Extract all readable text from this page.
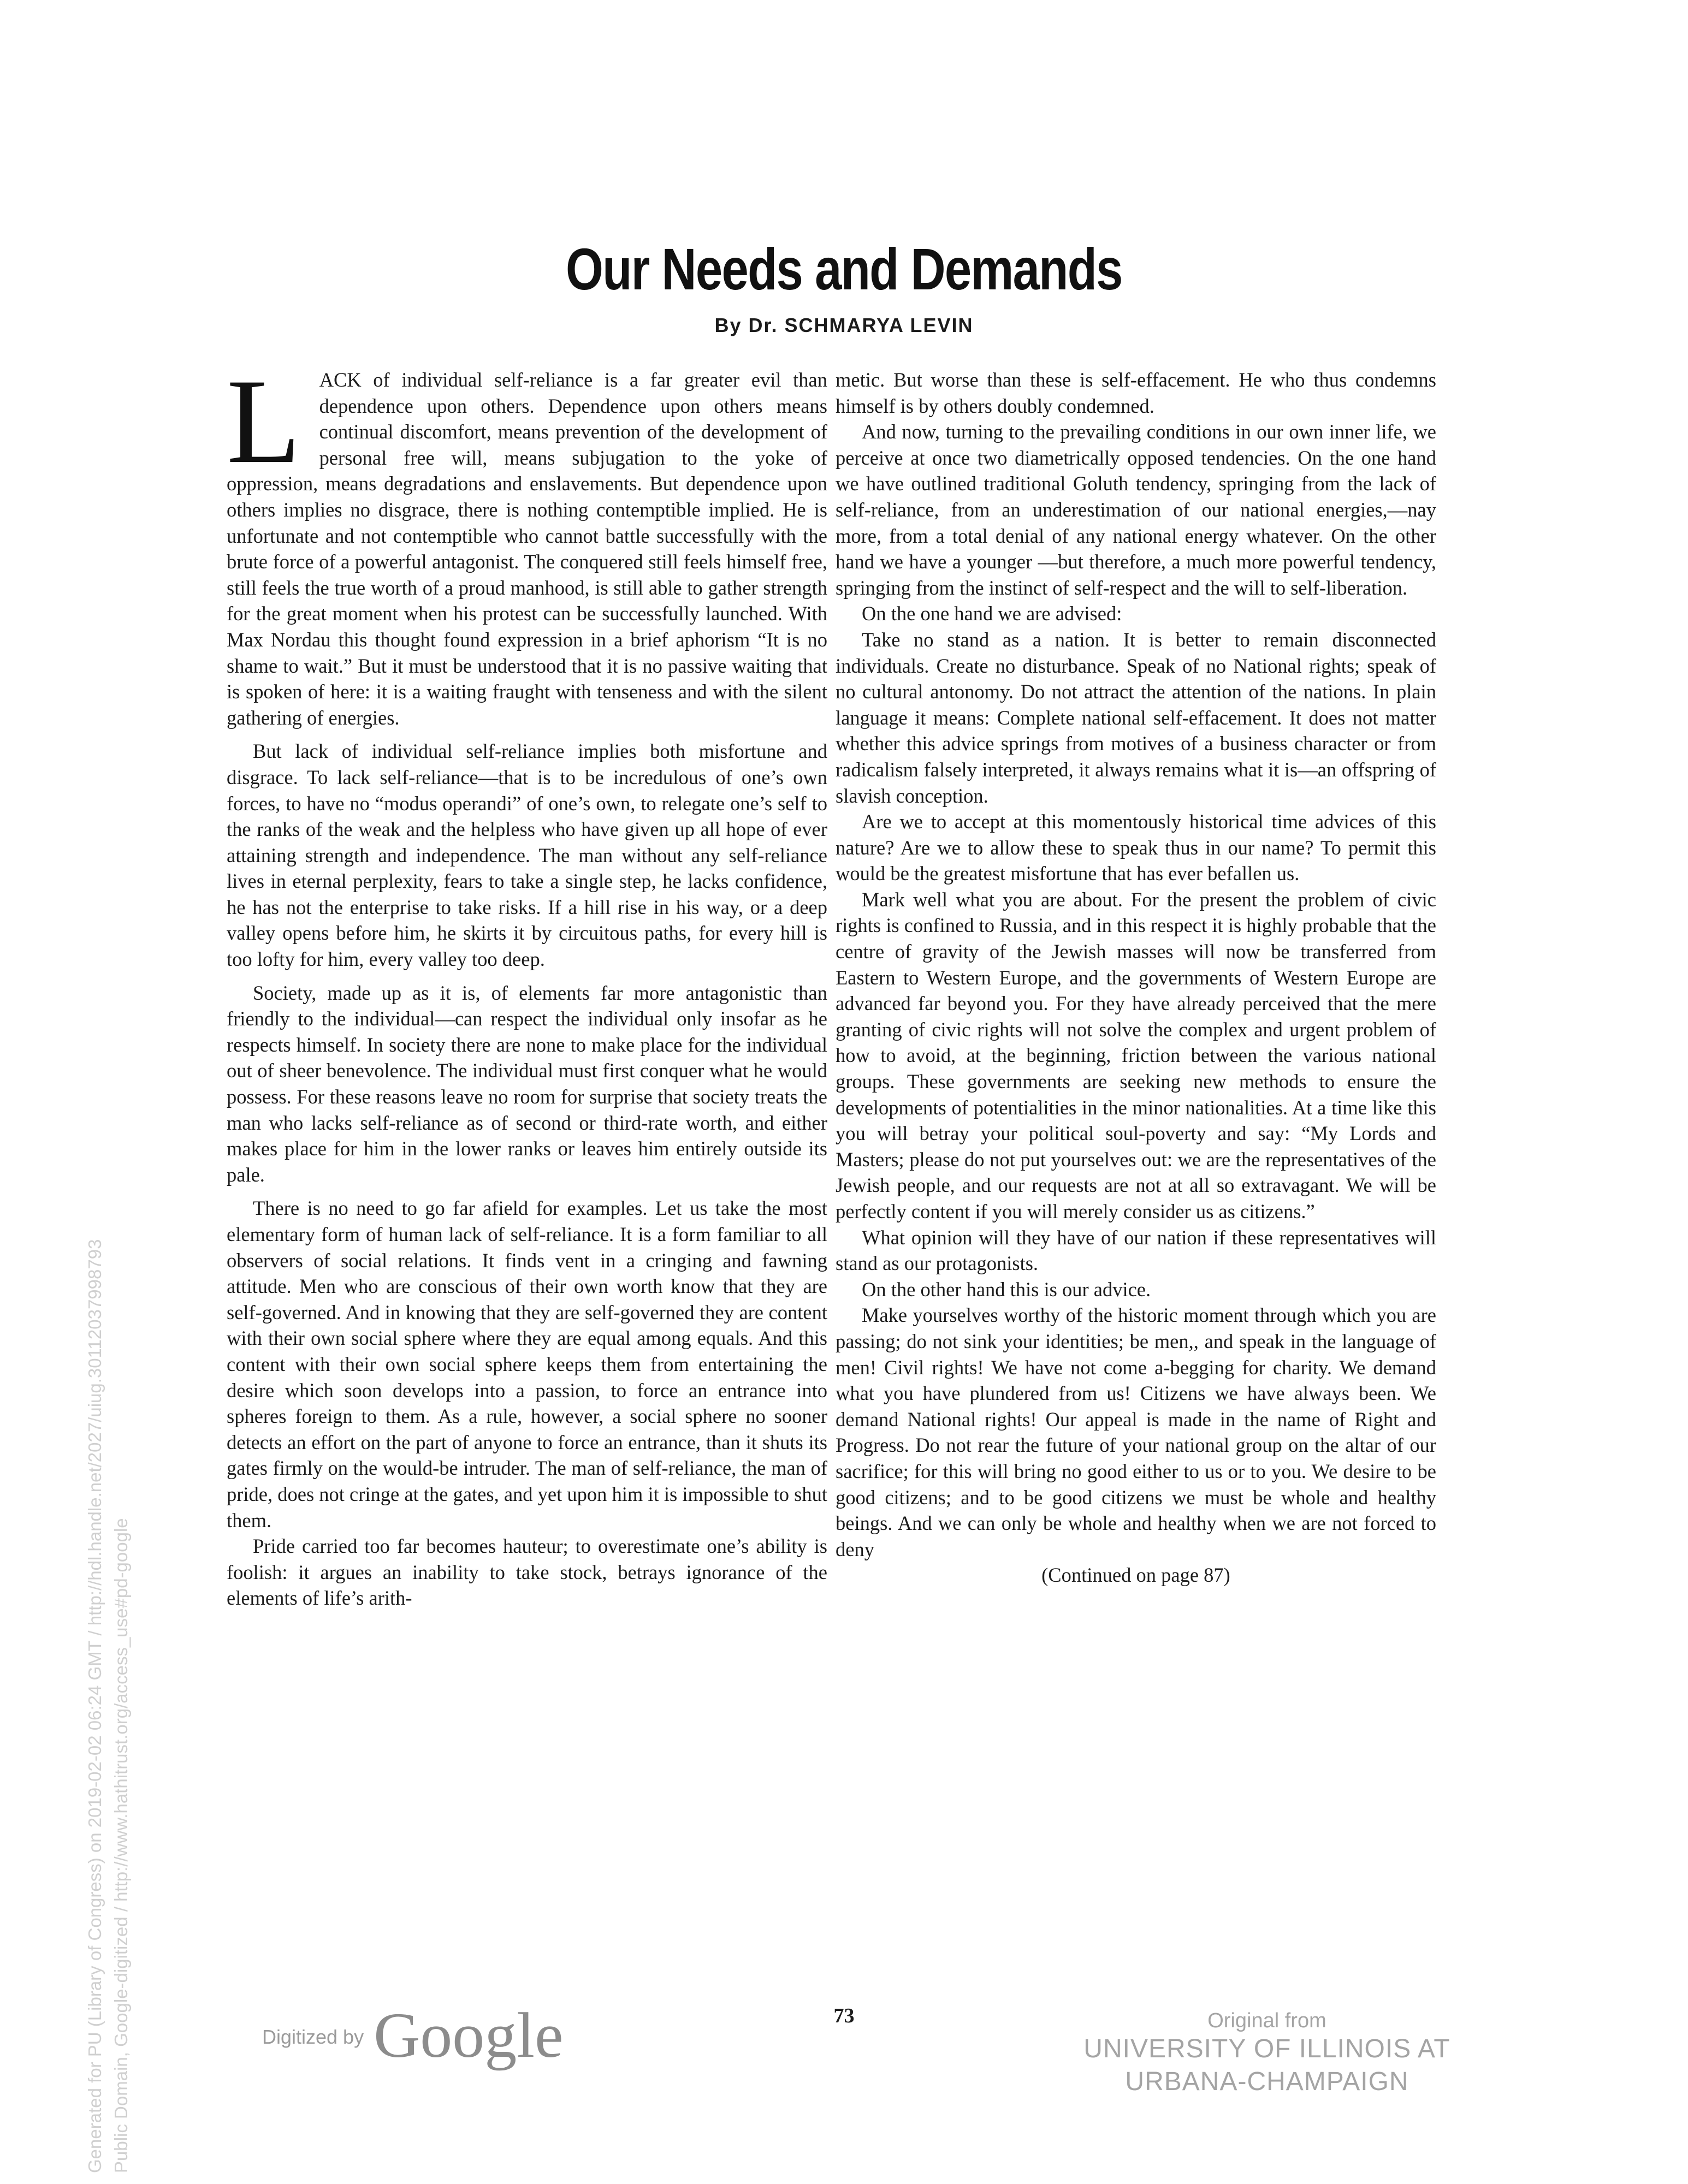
Our Needs and Demands
By Dr. SCHMARYA LEVIN

LACK of individual self-reliance is a far greater evil than dependence upon others. Dependence upon others means continual discomfort, means prevention of the development of personal free will, means subjugation to the yoke of oppression, means degradations and enslavements. But dependence upon others implies no disgrace, there is nothing contemptible implied. He is unfortunate and not contemptible who cannot battle successfully with the brute force of a powerful antagonist. The conquered still feels himself free, still feels the true worth of a proud manhood, is still able to gather strength for the great moment when his protest can be successfully launched. With Max Nordau this thought found expression in a brief aphorism “It is no shame to wait.” But it must be understood that it is no passive waiting that is spoken of here: it is a waiting fraught with tenseness and with the silent gathering of energies.

But lack of individual self-reliance implies both misfortune and disgrace. To lack self-reliance—that is to be incredulous of one’s own forces, to have no “modus operandi” of one’s own, to relegate one’s self to the ranks of the weak and the helpless who have given up all hope of ever attaining strength and independence. The man without any self-reliance lives in eternal perplexity, fears to take a single step, he lacks confidence, he has not the enterprise to take risks. If a hill rise in his way, or a deep valley opens before him, he skirts it by circuitous paths, for every hill is too lofty for him, every valley too deep.

Society, made up as it is, of elements far more antagonistic than friendly to the individual—can respect the individual only insofar as he respects himself. In society there are none to make place for the individual out of sheer benevolence. The individual must first conquer what he would possess. For these reasons leave no room for surprise that society treats the man who lacks self-reliance as of second or third-rate worth, and either makes place for him in the lower ranks or leaves him entirely outside its pale.

There is no need to go far afield for examples. Let us take the most elementary form of human lack of self-reliance. It is a form familiar to all observers of social relations. It finds vent in a cringing and fawning attitude. Men who are conscious of their own worth know that they are self-governed. And in knowing that they are self-governed they are content with their own social sphere where they are equal among equals. And this content with their own social sphere keeps them from entertaining the desire which soon develops into a passion, to force an entrance into spheres foreign to them. As a rule, however, a social sphere no sooner detects an effort on the part of anyone to force an entrance, than it shuts its gates firmly on the would-be intruder. The man of self-reliance, the man of pride, does not cringe at the gates, and yet upon him it is impossible to shut them.

Pride carried too far becomes hauteur; to overestimate one’s ability is foolish: it argues an inability to take stock, betrays ignorance of the elements of life’s arith-

metic. But worse than these is self-effacement. He who thus condemns himself is by others doubly condemned.

And now, turning to the prevailing conditions in our own inner life, we perceive at once two diametrically opposed tendencies. On the one hand we have outlined traditional Goluth tendency, springing from the lack of self-reliance, from an underestimation of our national energies,—nay more, from a total denial of any national energy whatever. On the other hand we have a younger —but therefore, a much more powerful tendency, springing from the instinct of self-respect and the will to self-liberation.

On the one hand we are advised:

Take no stand as a nation. It is better to remain disconnected individuals. Create no disturbance. Speak of no National rights; speak of no cultural antonomy. Do not attract the attention of the nations. In plain language it means: Complete national self-effacement. It does not matter whether this advice springs from motives of a business character or from radicalism falsely interpreted, it always remains what it is—an offspring of slavish conception.

Are we to accept at this momentously historical time advices of this nature? Are we to allow these to speak thus in our name? To permit this would be the greatest misfortune that has ever befallen us.

Mark well what you are about. For the present the problem of civic rights is confined to Russia, and in this respect it is highly probable that the centre of gravity of the Jewish masses will now be transferred from Eastern to Western Europe, and the governments of Western Europe are advanced far beyond you. For they have already perceived that the mere granting of civic rights will not solve the complex and urgent problem of how to avoid, at the beginning, friction between the various national groups. These governments are seeking new methods to ensure the developments of potentialities in the minor nationalities. At a time like this you will betray your political soul-poverty and say: “My Lords and Masters; please do not put yourselves out: we are the representatives of the Jewish people, and our requests are not at all so extravagant. We will be perfectly content if you will merely consider us as citizens.”

What opinion will they have of our nation if these representatives will stand as our protagonists.

On the other hand this is our advice.

Make yourselves worthy of the historic moment through which you are passing; do not sink your identities; be men,, and speak in the language of men! Civil rights! We have not come a-begging for charity. We demand what you have plundered from us! Citizens we have always been. We demand National rights! Our appeal is made in the name of Right and Progress. Do not rear the future of your national group on the altar of our sacrifice; for this will bring no good either to us or to you. We desire to be good citizens; and to be good citizens we must be whole and healthy beings. And we can only be whole and healthy when we are not forced to deny

(Continued on page 87)

73
Generated for PU (Library of Congress) on 2019-02-02 06:24 GMT / http://hdl.handle.net/2027/uiug.30112037998793 Public Domain, Google-digitized / http://www.hathitrust.org/access_use#pd-google	Digitized by Google	Original from
UNIVERSITY OF ILLINOIS AT
URBANA-CHAMPAIGN
